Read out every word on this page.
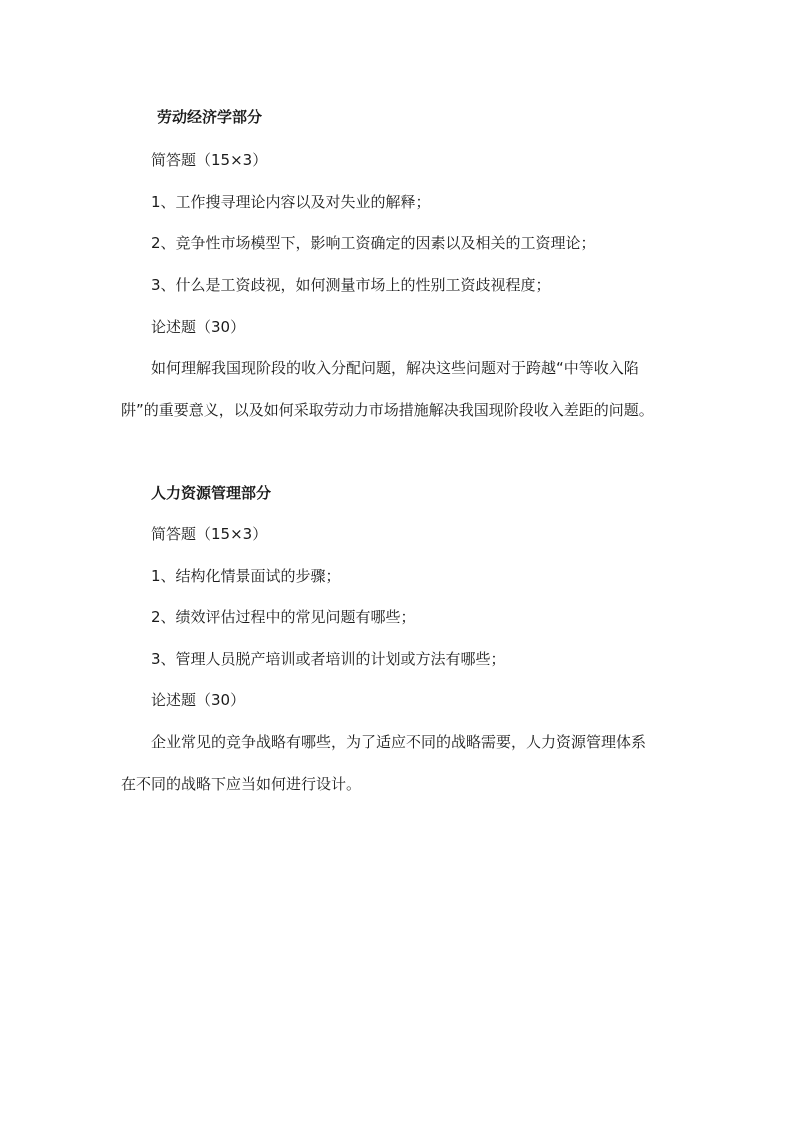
劳动经济学部分
简答题（15×3）
1、工作搜寻理论内容以及对失业的解释；
2、竞争性市场模型下，影响工资确定的因素以及相关的工资理论；
3、什么是工资歧视，如何测量市场上的性别工资歧视程度；
论述题（30）
如何理解我国现阶段的收入分配问题，解决这些问题对于跨越“中等收入陷
阱”的重要意义，以及如何采取劳动力市场措施解决我国现阶段收入差距的问题。
人力资源管理部分
简答题（15×3）
1、结构化情景面试的步骤；
2、绩效评估过程中的常见问题有哪些；
3、管理人员脱产培训或者培训的计划或方法有哪些；
论述题（30）
企业常见的竞争战略有哪些，为了适应不同的战略需要，人力资源管理体系
在不同的战略下应当如何进行设计。
